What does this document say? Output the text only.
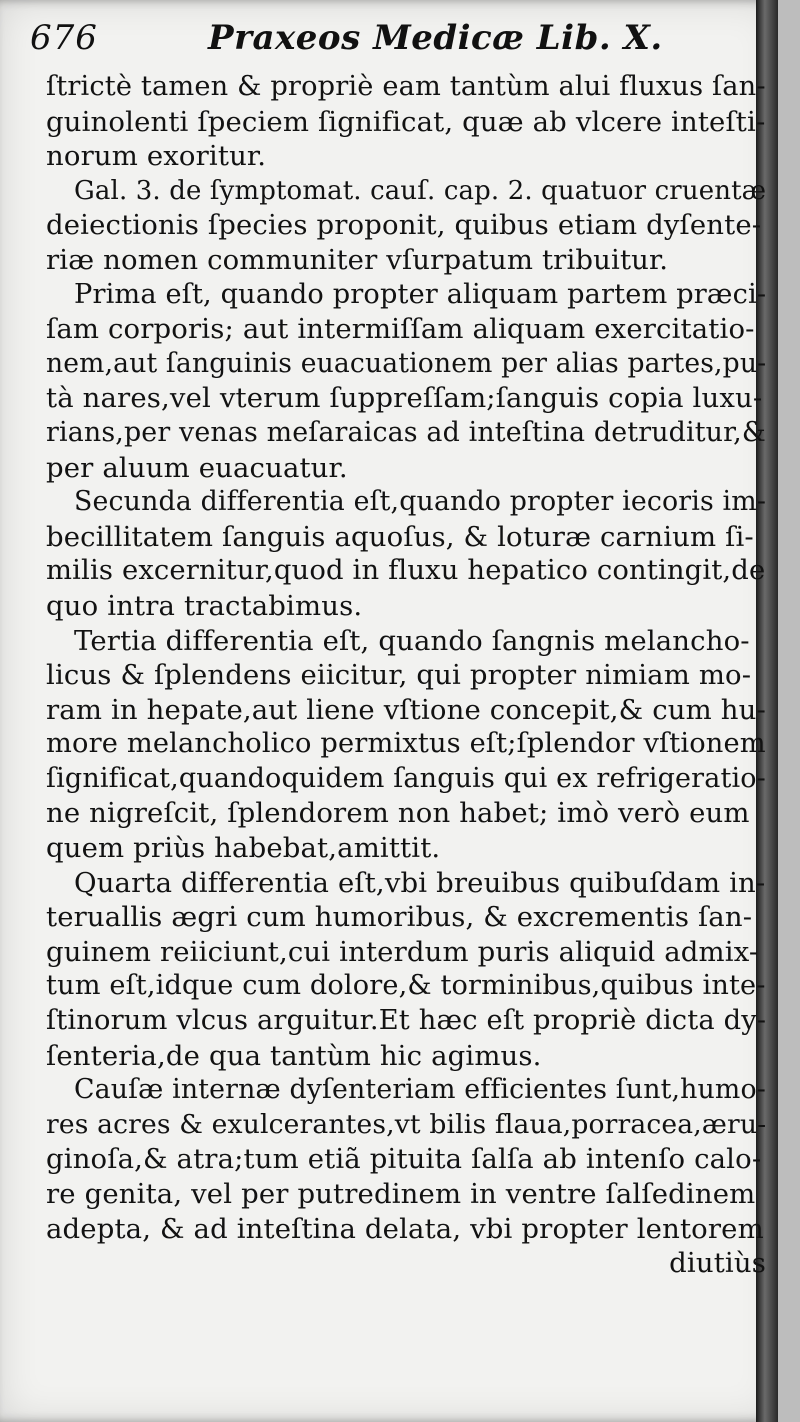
676	Praxeos Medicæ Lib. X.
ſtrictè tamen & propriè eam tantùm alui fluxus ſan-
guinolenti ſpeciem ſignificat, quæ ab vlcere inteſti-
norum exoritur.
Gal. 3. de ſymptomat. cauſ. cap. 2. quatuor cruentæ
deiectionis ſpecies proponit, quibus etiam dyſente-
riæ nomen communiter vſurpatum tribuitur.
Prima eſt, quando propter aliquam partem præci-
ſam corporis; aut intermiſſam aliquam exercitatio-
nem,aut ſanguinis euacuationem per alias partes,pu-
tà nares,vel vterum ſuppreſſam;ſanguis copia luxu-
rians,per venas meſaraicas ad inteſtina detruditur,&
per aluum euacuatur.
Secunda differentia eſt,quando propter iecoris im-
becillitatem ſanguis aquoſus, & loturæ carnium ſi-
milis excernitur,quod in fluxu hepatico contingit,de
quo intra tractabimus.
Tertia differentia eſt, quando ſangnis melancho-
licus & ſplendens eiicitur, qui propter nimiam mo-
ram in hepate,aut liene vſtione concepit,& cum hu-
more melancholico permixtus eſt;ſplendor vſtionem
ſignificat,quandoquidem ſanguis qui ex refrigeratio-
ne nigreſcit, ſplendorem non habet; imò verò eum
quem priùs habebat,amittit.
Quarta differentia eſt,vbi breuibus quibuſdam in-
teruallis ægri cum humoribus, & excrementis ſan-
guinem reiiciunt,cui interdum puris aliquid admix-
tum eſt,idque cum dolore,& torminibus,quibus inte-
ſtinorum vlcus arguitur.Et hæc eſt propriè dicta dy-
ſenteria,de qua tantùm hic agimus.
Cauſæ internæ dyſenteriam efficientes ſunt,humo-
res acres & exulcerantes,vt bilis flaua,porracea,æru-
ginoſa,& atra;tum etiã pituita ſalſa ab intenſo calo-
re genita, vel per putredinem in ventre ſalſedinem
adepta, & ad inteſtina delata, vbi propter lentorem
diutiùs
